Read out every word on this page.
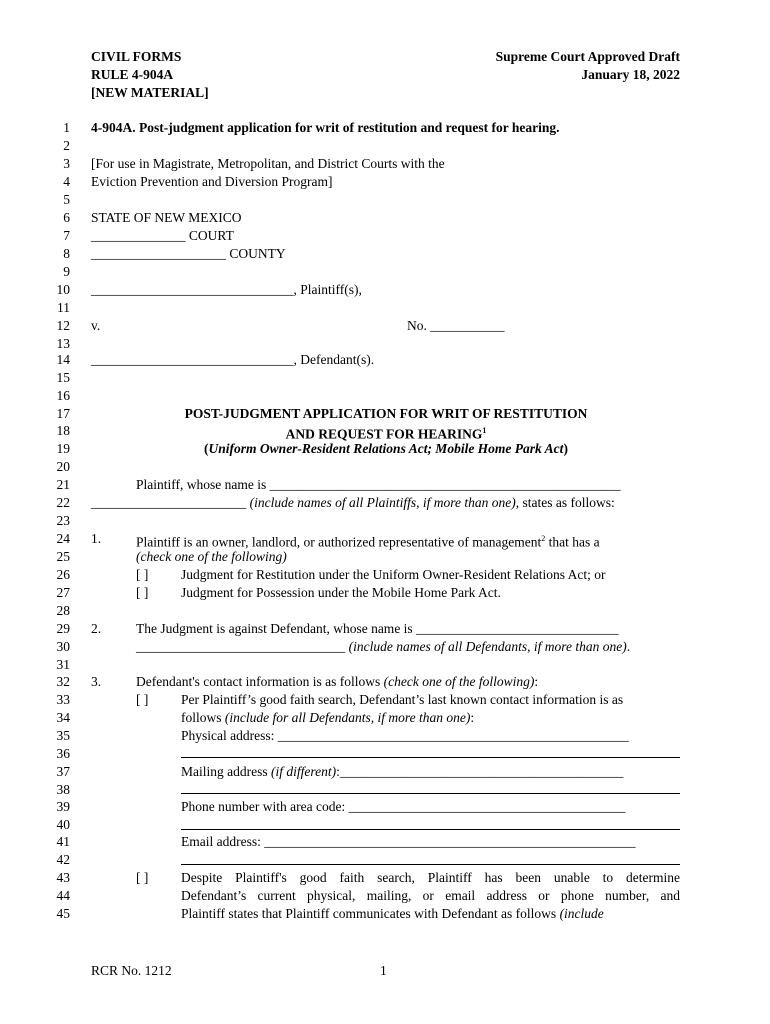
CIVIL FORMS
RULE 4-904A
[NEW MATERIAL]
Supreme Court Approved Draft
January 18, 2022
1
2
3
4
5
6
7
8
9
10
11
12
13
14
15
16
17
18
19
20
21
22
23
24
25
26
27
28
29
30
31
32
33
34
35
36
37
38
39
40
41
42
43
44
45
4-904A. Post-judgment application for writ of restitution and request for hearing.
[For use in Magistrate, Metropolitan, and District Courts with the
Eviction Prevention and Diversion Program]
STATE OF NEW MEXICO
______________ COURT
____________________ COUNTY
______________________________, Plaintiff(s),
v.	No. ___________
______________________________, Defendant(s).
POST-JUDGMENT APPLICATION FOR WRIT OF RESTITUTION
AND REQUEST FOR HEARING$^1$
(Uniform Owner-Resident Relations Act; Mobile Home Park Act)
Plaintiff, whose name is ____________________________________________________
_______________________ (include names of all Plaintiffs, if more than one), states as follows:
1.	Plaintiff is an owner, landlord, or authorized representative of management$^2$ that has a
(check one of the following)
[ ] Judgment for Restitution under the Uniform Owner-Resident Relations Act; or
[ ] Judgment for Possession under the Mobile Home Park Act.
2.	The Judgment is against Defendant, whose name is ______________________________
_______________________________ (include names of all Defendants, if more than one).
3.	Defendant's contact information is as follows (check one of the following):
[ ] Per Plaintiff’s good faith search, Defendant’s last known contact information is as
follows (include for all Defendants, if more than one):
Physical address: ____________________________________________________
Mailing address (if different):__________________________________________
Phone number with area code: _________________________________________
Email address: _______________________________________________________
[ ] Despite Plaintiff's good faith search, Plaintiff has been unable to determine
Defendant’s current physical, mailing, or email address or phone number, and
Plaintiff states that Plaintiff communicates with Defendant as follows (include
RCR No. 1212	1
